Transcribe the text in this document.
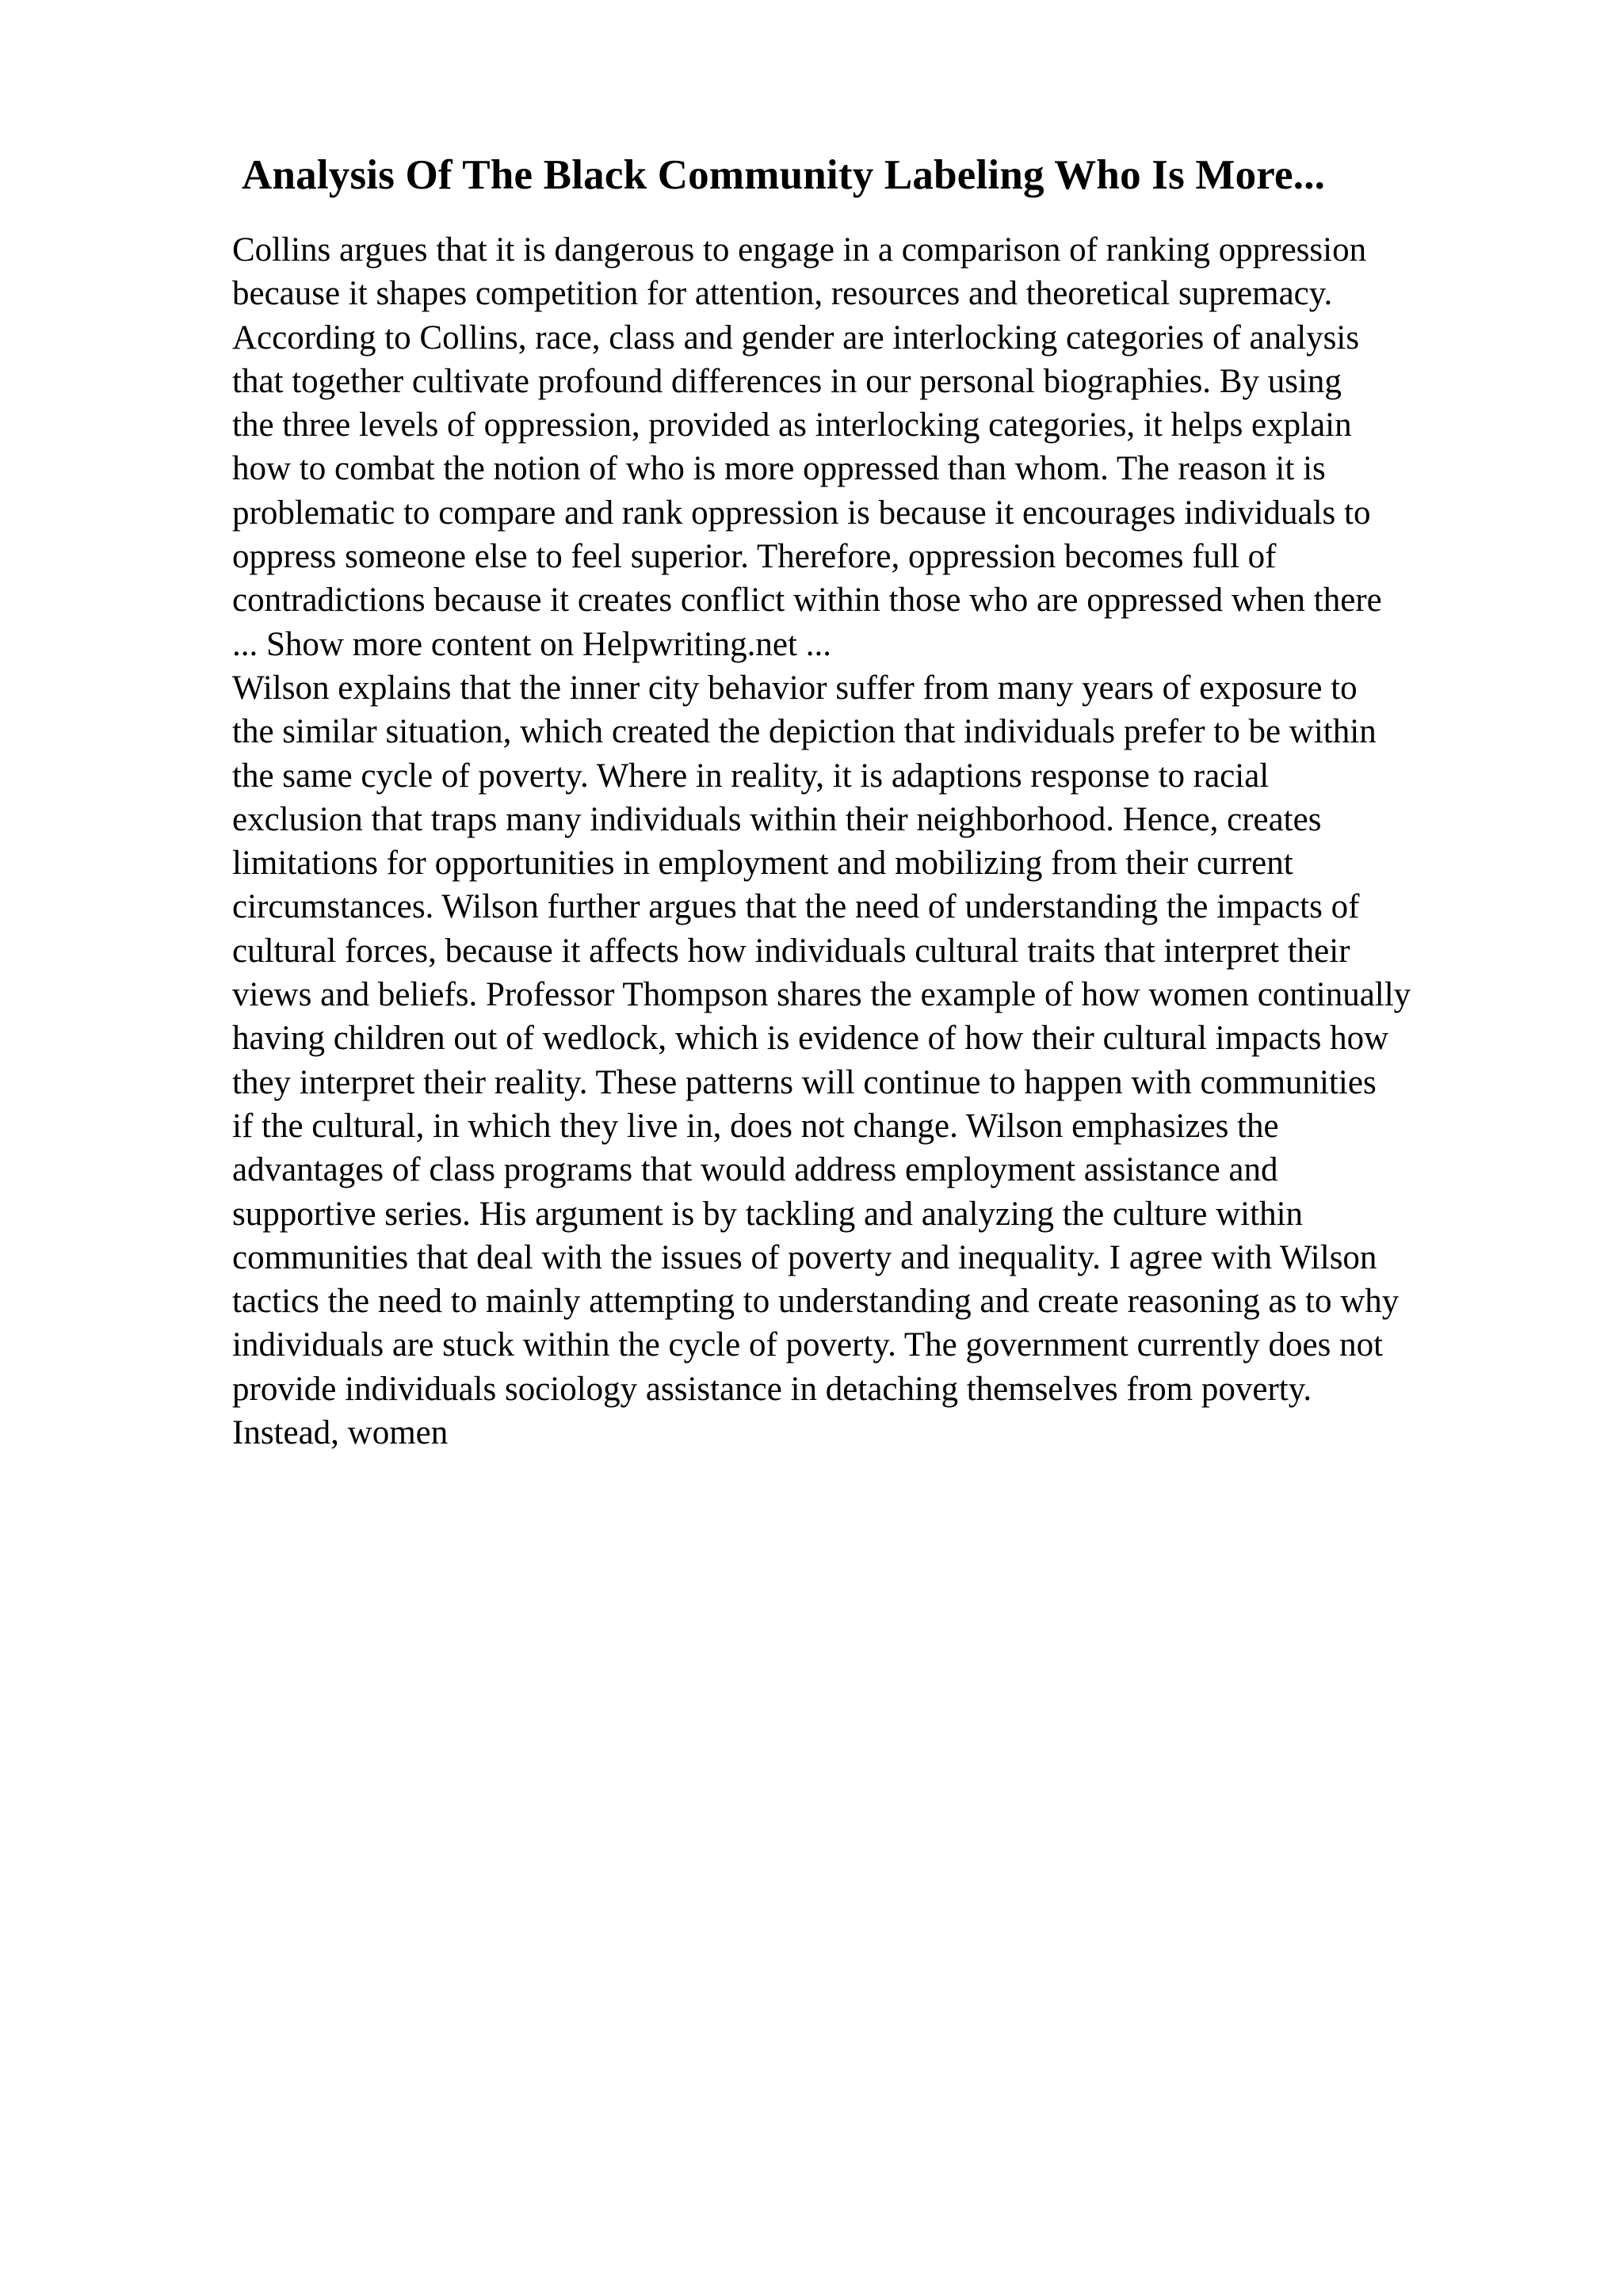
Analysis Of The Black Community Labeling Who Is More...
Collins argues that it is dangerous to engage in a comparison of ranking oppression
because it shapes competition for attention, resources and theoretical supremacy.
According to Collins, race, class and gender are interlocking categories of analysis
that together cultivate profound differences in our personal biographies. By using
the three levels of oppression, provided as interlocking categories, it helps explain
how to combat the notion of who is more oppressed than whom. The reason it is
problematic to compare and rank oppression is because it encourages individuals to
oppress someone else to feel superior. Therefore, oppression becomes full of
contradictions because it creates conflict within those who are oppressed when there
... Show more content on Helpwriting.net ...
Wilson explains that the inner city behavior suffer from many years of exposure to
the similar situation, which created the depiction that individuals prefer to be within
the same cycle of poverty. Where in reality, it is adaptions response to racial
exclusion that traps many individuals within their neighborhood. Hence, creates
limitations for opportunities in employment and mobilizing from their current
circumstances. Wilson further argues that the need of understanding the impacts of
cultural forces, because it affects how individuals cultural traits that interpret their
views and beliefs. Professor Thompson shares the example of how women continually
having children out of wedlock, which is evidence of how their cultural impacts how
they interpret their reality. These patterns will continue to happen with communities
if the cultural, in which they live in, does not change. Wilson emphasizes the
advantages of class programs that would address employment assistance and
supportive series. His argument is by tackling and analyzing the culture within
communities that deal with the issues of poverty and inequality. I agree with Wilson
tactics the need to mainly attempting to understanding and create reasoning as to why
individuals are stuck within the cycle of poverty. The government currently does not
provide individuals sociology assistance in detaching themselves from poverty.
Instead, women
